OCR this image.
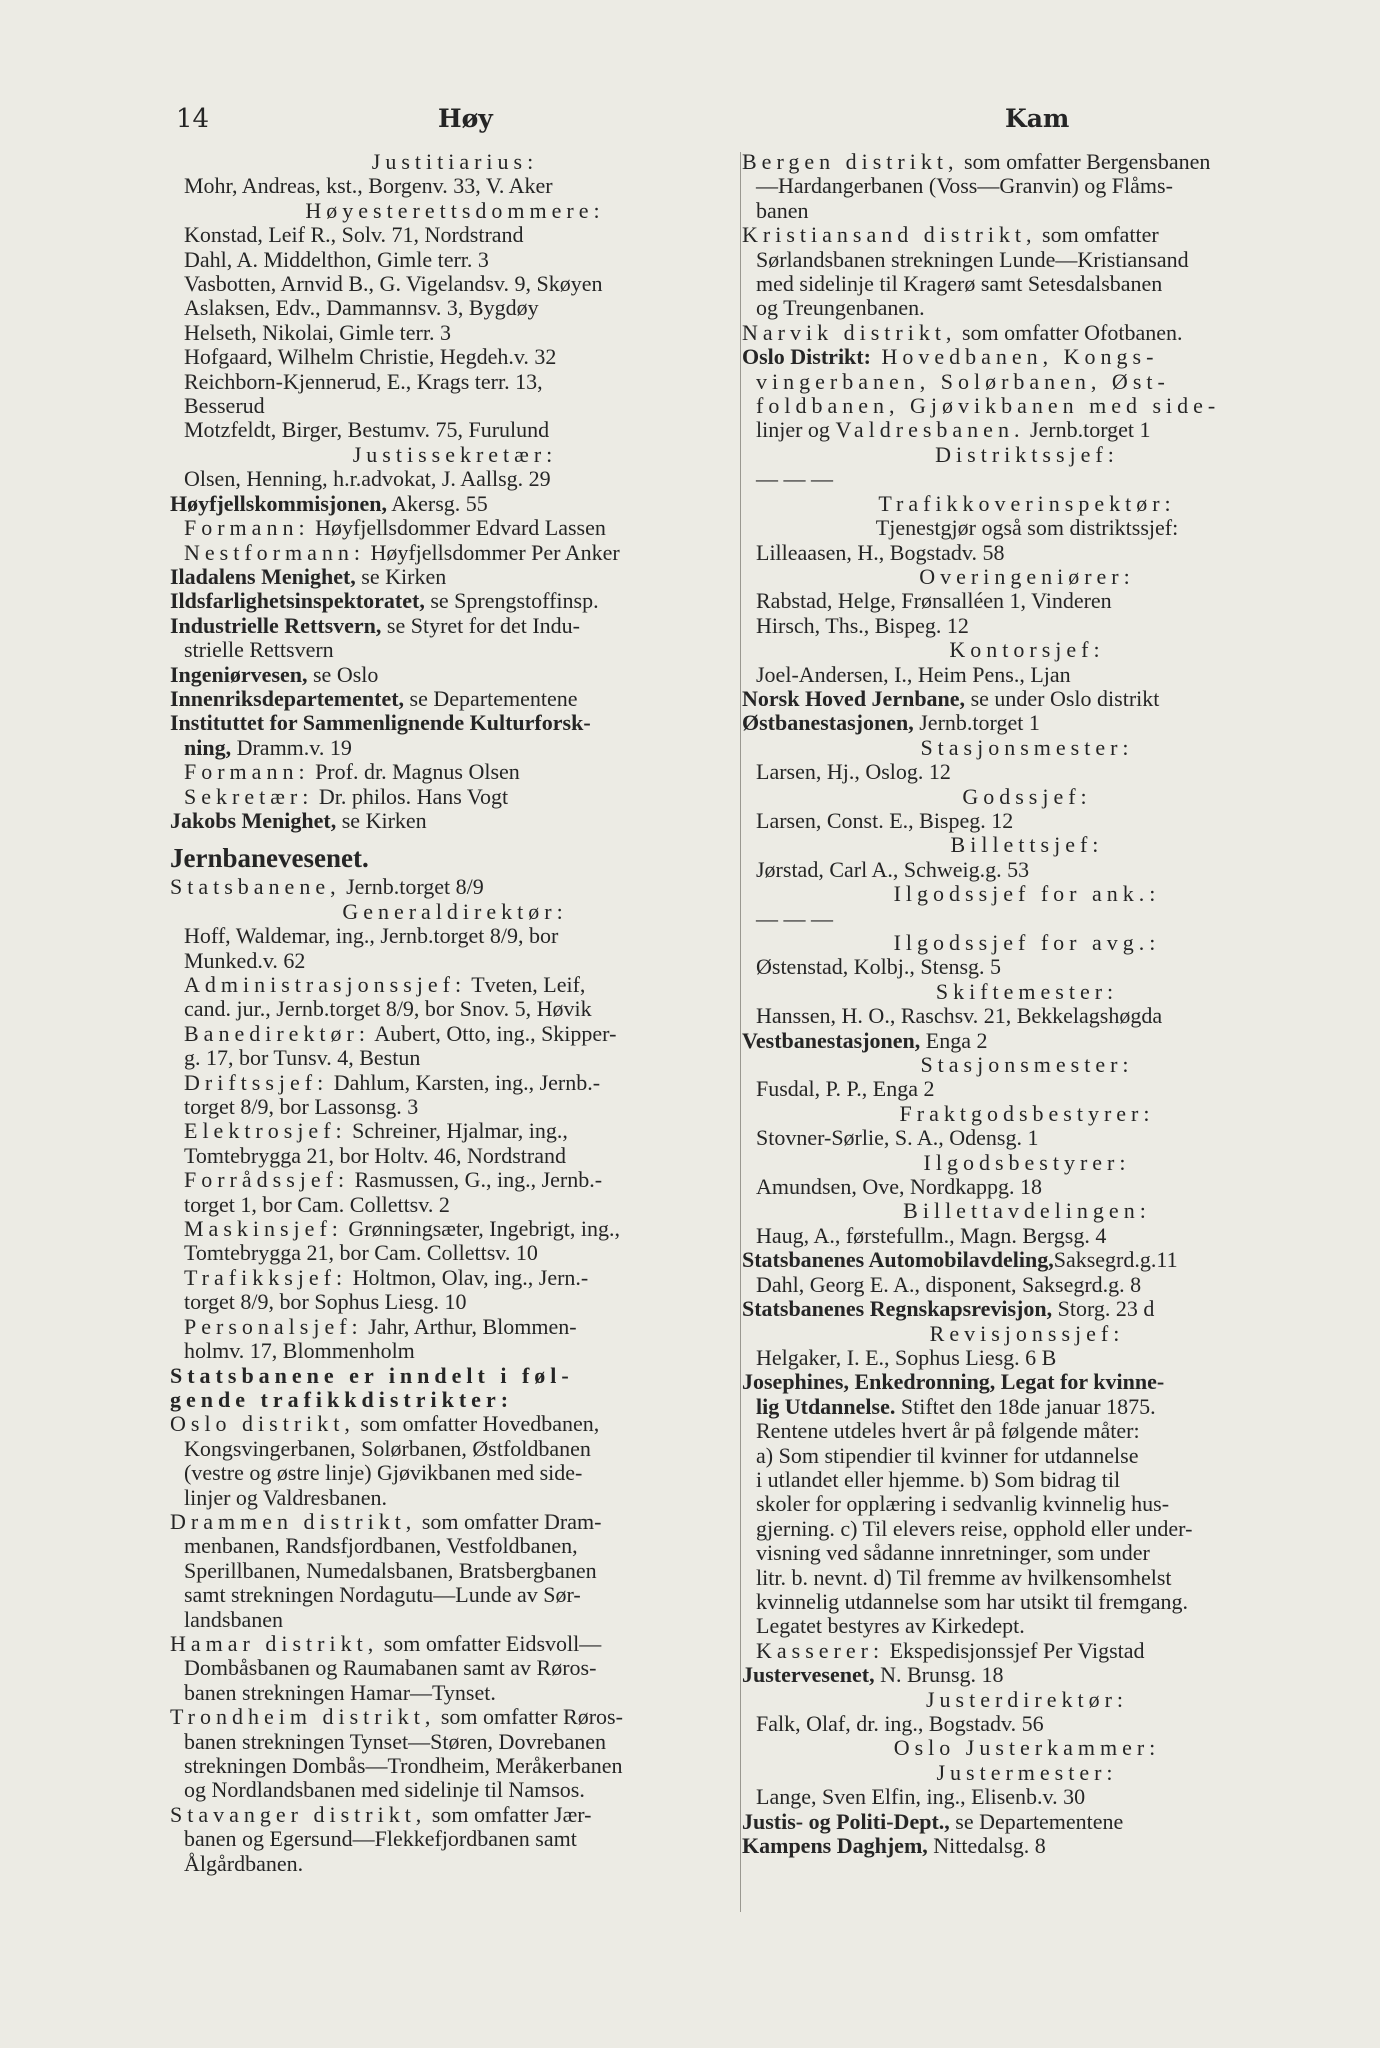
14	Høy	Kam
Justitiarius:
Mohr, Andreas, kst., Borgenv. 33, V. Aker
Høyesterettsdommere:
Konstad, Leif R., Solv. 71, Nordstrand
Dahl, A. Middelthon, Gimle terr. 3
Vasbotten, Arnvid B., G. Vigelandsv. 9, Skøyen
Aslaksen, Edv., Dammannsv. 3, Bygdøy
Helseth, Nikolai, Gimle terr. 3
Hofgaard, Wilhelm Christie, Hegdeh.v. 32
Reichborn-Kjennerud, E., Krags terr. 13,
Besserud
Motzfeldt, Birger, Bestumv. 75, Furulund
Justissekretær:
Olsen, Henning, h.r.advokat, J. Aallsg. 29
Høyfjellskommisjonen, Akersg. 55
Formann: Høyfjellsdommer Edvard Lassen
Nestformann: Høyfjellsdommer Per Anker
Iladalens Menighet, se Kirken
Ildsfarlighetsinspektoratet, se Sprengstoffinsp.
Industrielle Rettsvern, se Styret for det Indu-
strielle Rettsvern
Ingeniørvesen, se Oslo
Innenriksdepartementet, se Departementene
Instituttet for Sammenlignende Kulturforsk-
ning, Dramm.v. 19
Formann: Prof. dr. Magnus Olsen
Sekretær: Dr. philos. Hans Vogt
Jakobs Menighet, se Kirken
Jernbanevesenet.
Statsbanene, Jernb.torget 8/9
Generaldirektør:
Hoff, Waldemar, ing., Jernb.torget 8/9, bor
Munked.v. 62
Administrasjonssjef: Tveten, Leif,
cand. jur., Jernb.torget 8/9, bor Snov. 5, Høvik
Banedirektør: Aubert, Otto, ing., Skipper-
g. 17, bor Tunsv. 4, Bestun
Driftssjef: Dahlum, Karsten, ing., Jernb.-
torget 8/9, bor Lassonsg. 3
Elektrosjef: Schreiner, Hjalmar, ing.,
Tomtebrygga 21, bor Holtv. 46, Nordstrand
Forrådssjef: Rasmussen, G., ing., Jernb.-
torget 1, bor Cam. Collettsv. 2
Maskinsjef: Grønningsæter, Ingebrigt, ing.,
Tomtebrygga 21, bor Cam. Collettsv. 10
Trafikksjef: Holtmon, Olav, ing., Jern.-
torget 8/9, bor Sophus Liesg. 10
Personalsjef: Jahr, Arthur, Blommen-
holmv. 17, Blommenholm
Statsbanene er inndelt i føl-
gende trafikkdistrikter:
Oslo distrikt, som omfatter Hovedbanen,
Kongsvingerbanen, Solørbanen, Østfoldbanen
(vestre og østre linje) Gjøvikbanen med side-
linjer og Valdresbanen.
Drammen distrikt, som omfatter Dram-
menbanen, Randsfjordbanen, Vestfoldbanen,
Sperillbanen, Numedalsbanen, Bratsbergbanen
samt strekningen Nordagutu—Lunde av Sør-
landsbanen
Hamar distrikt, som omfatter Eidsvoll—
Dombåsbanen og Raumabanen samt av Røros-
banen strekningen Hamar—Tynset.
Trondheim distrikt, som omfatter Røros-
banen strekningen Tynset—Støren, Dovrebanen
strekningen Dombås—Trondheim, Meråkerbanen
og Nordlandsbanen med sidelinje til Namsos.
Stavanger distrikt, som omfatter Jær-
banen og Egersund—Flekkefjordbanen samt
Ålgårdbanen.
Bergen distrikt, som omfatter Bergensbanen
—Hardangerbanen (Voss—Granvin) og Flåms-
banen
Kristiansand distrikt, som omfatter
Sørlandsbanen strekningen Lunde—Kristiansand
med sidelinje til Kragerø samt Setesdalsbanen
og Treungenbanen.
Narvik distrikt, som omfatter Ofotbanen.
Oslo Distrikt: Hovedbanen, Kongs-
vingerbanen, Solørbanen, Øst-
foldbanen, Gjøvikbanen med side-
linjer og Valdresbanen. Jernb.torget 1
Distriktssjef:
— — —
Trafikkoverinspektør:
Tjenestgjør også som distriktssjef:
Lilleaasen, H., Bogstadv. 58
Overingeniører:
Rabstad, Helge, Frønsalléen 1, Vinderen
Hirsch, Ths., Bispeg. 12
Kontorsjef:
Joel-Andersen, I., Heim Pens., Ljan
Norsk Hoved Jernbane, se under Oslo distrikt
Østbanestasjonen, Jernb.torget 1
Stasjonsmester:
Larsen, Hj., Oslog. 12
Godssjef:
Larsen, Const. E., Bispeg. 12
Billettsjef:
Jørstad, Carl A., Schweig.g. 53
Ilgodssjef for ank.:
— — —
Ilgodssjef for avg.:
Østenstad, Kolbj., Stensg. 5
Skiftemester:
Hanssen, H. O., Raschsv. 21, Bekkelagshøgda
Vestbanestasjonen, Enga 2
Stasjonsmester:
Fusdal, P. P., Enga 2
Fraktgodsbestyrer:
Stovner-Sørlie, S. A., Odensg. 1
Ilgodsbestyrer:
Amundsen, Ove, Nordkappg. 18
Billettavdelingen:
Haug, A., førstefullm., Magn. Bergsg. 4
Statsbanenes Automobilavdeling,Saksegrd.g.11
Dahl, Georg E. A., disponent, Saksegrd.g. 8
Statsbanenes Regnskapsrevisjon, Storg. 23 d
Revisjonssjef:
Helgaker, I. E., Sophus Liesg. 6 B
Josephines, Enkedronning, Legat for kvinne-
lig Utdannelse. Stiftet den 18de januar 1875.
Rentene utdeles hvert år på følgende måter:
a) Som stipendier til kvinner for utdannelse
i utlandet eller hjemme. b) Som bidrag til
skoler for opplæring i sedvanlig kvinnelig hus-
gjerning. c) Til elevers reise, opphold eller under-
visning ved sådanne innretninger, som under
litr. b. nevnt. d) Til fremme av hvilkensomhelst
kvinnelig utdannelse som har utsikt til fremgang.
Legatet bestyres av Kirkedept.
Kasserer: Ekspedisjonssjef Per Vigstad
Justervesenet, N. Brunsg. 18
Justerdirektør:
Falk, Olaf, dr. ing., Bogstadv. 56
Oslo Justerkammer:
Justermester:
Lange, Sven Elfin, ing., Elisenb.v. 30
Justis- og Politi-Dept., se Departementene
Kampens Daghjem, Nittedalsg. 8
